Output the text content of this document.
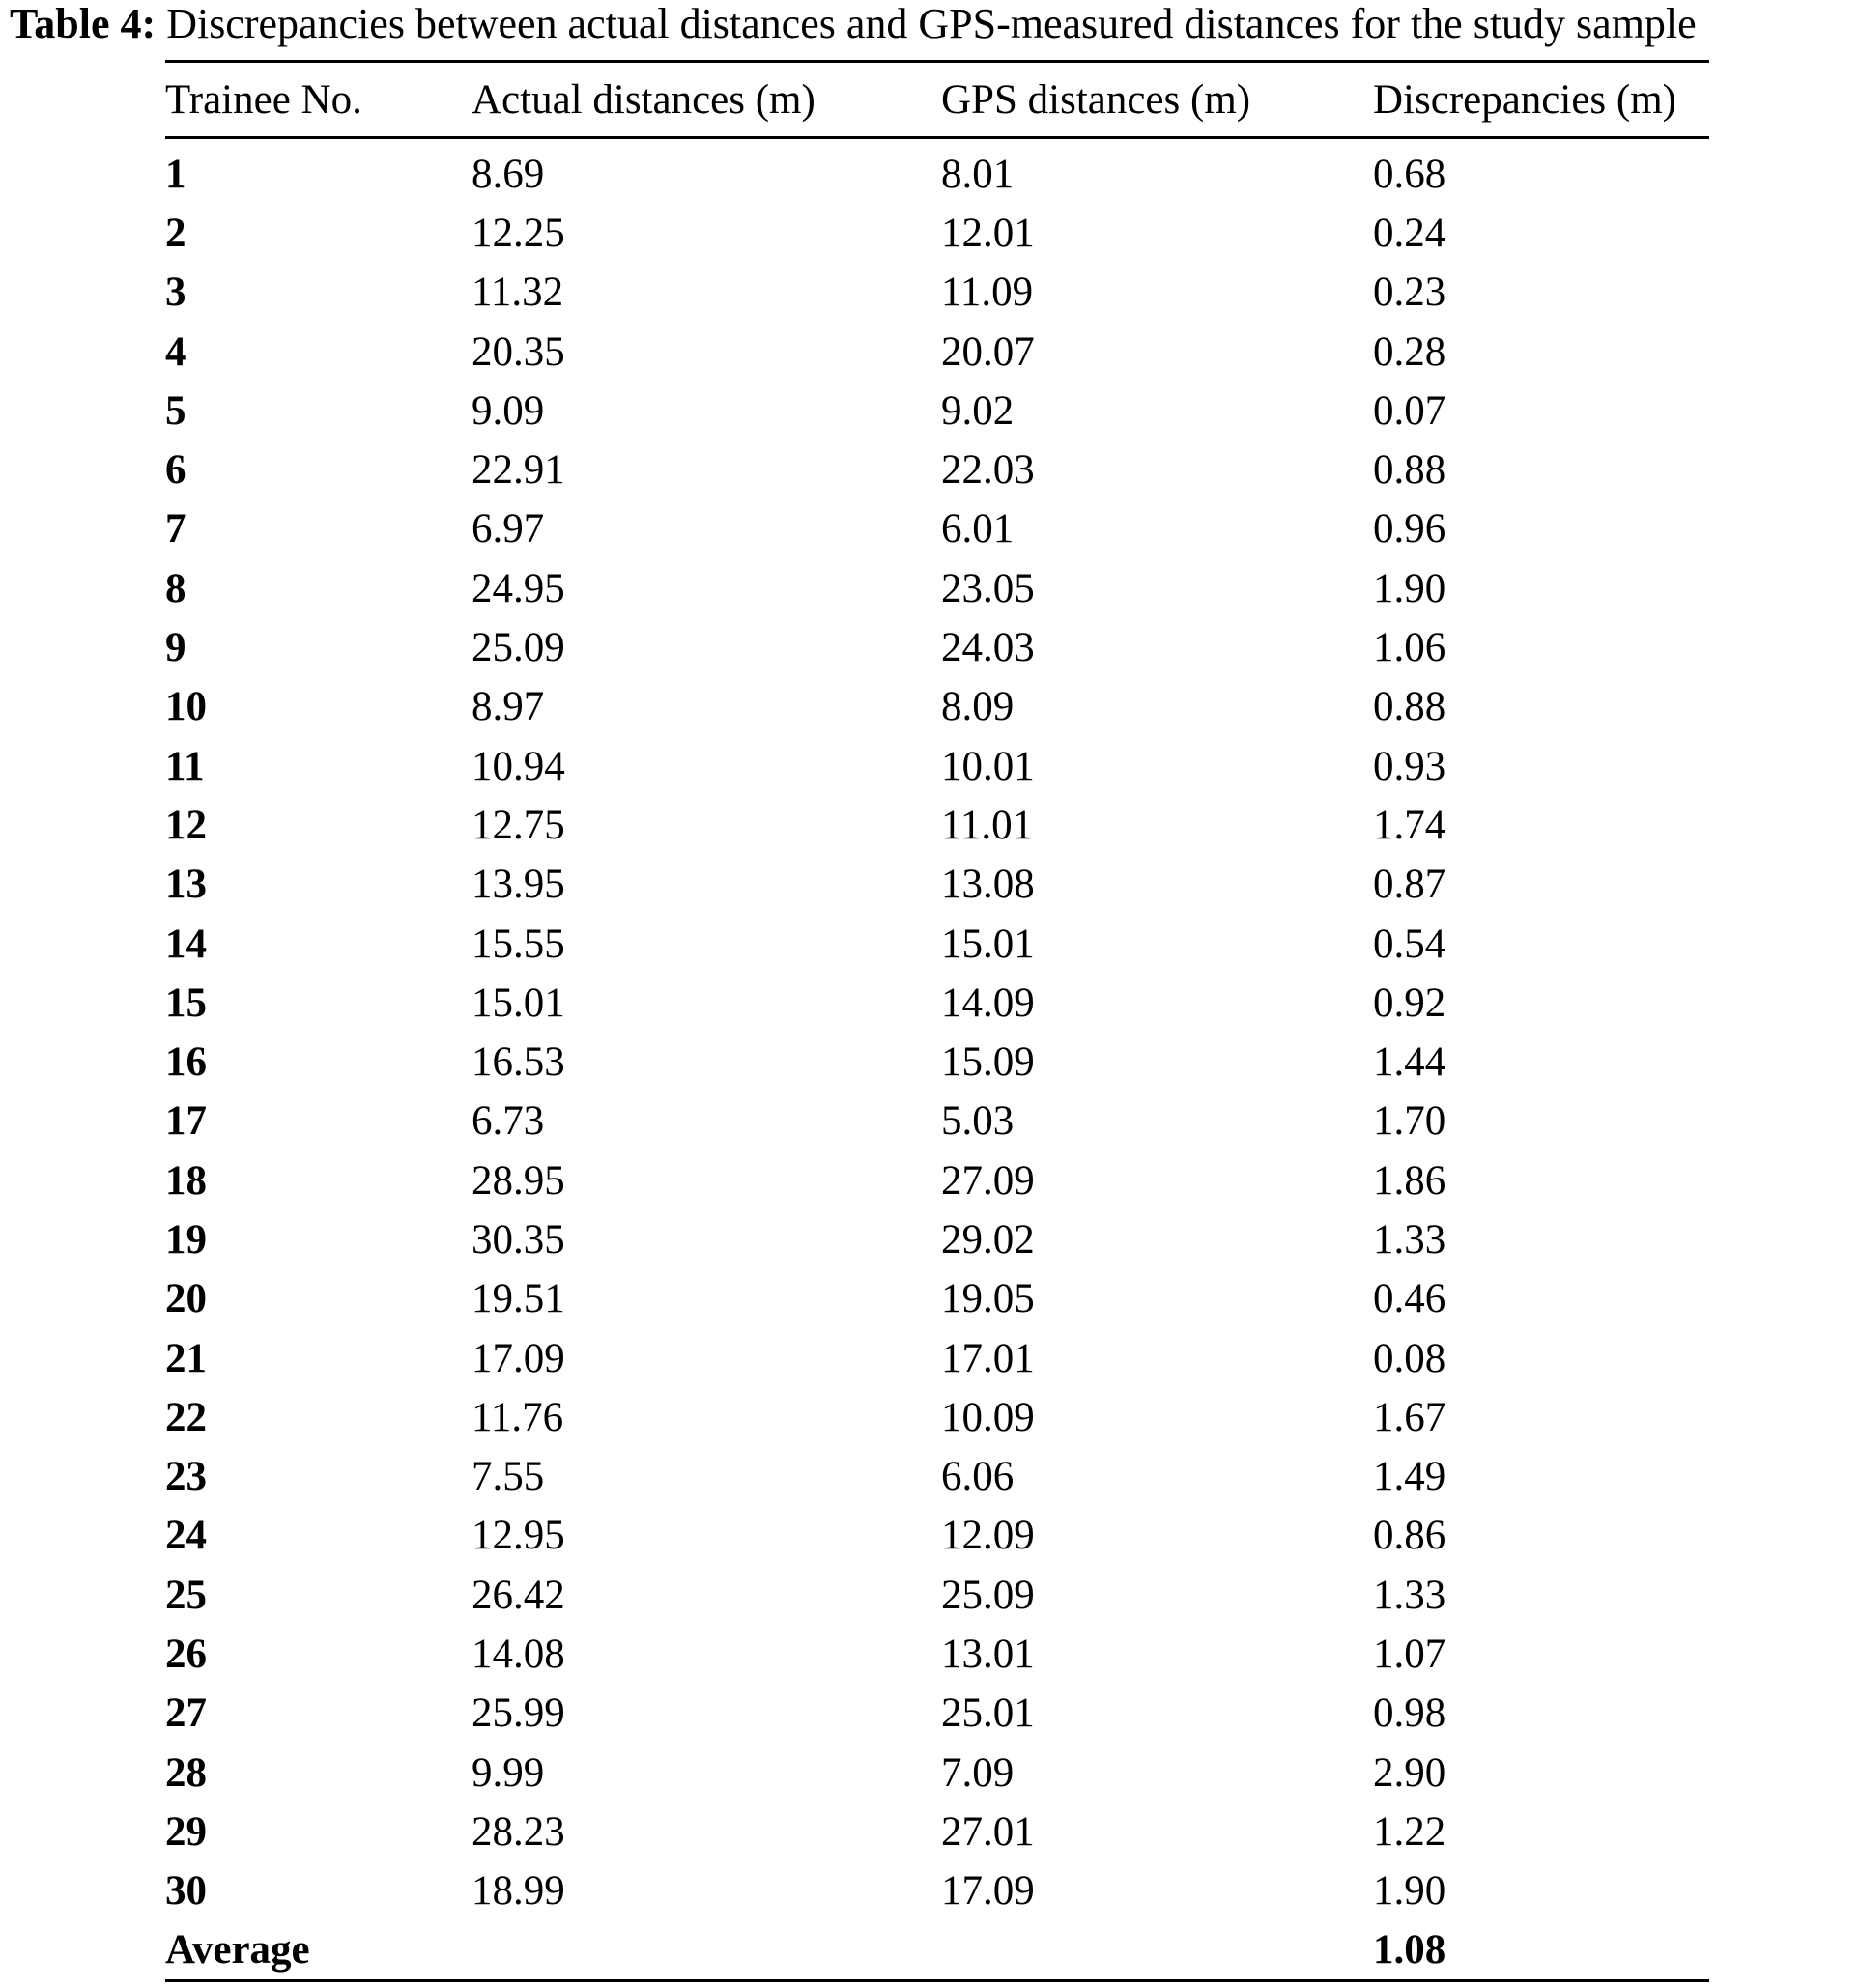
Table 4: Discrepancies between actual distances and GPS-measured distances for the study sample
Trainee No.	Actual distances (m)	GPS distances (m)	Discrepancies (m)
1	8.69	8.01	0.68
2	12.25	12.01	0.24
3	11.32	11.09	0.23
4	20.35	20.07	0.28
5	9.09	9.02	0.07
6	22.91	22.03	0.88
7	6.97	6.01	0.96
8	24.95	23.05	1.90
9	25.09	24.03	1.06
10	8.97	8.09	0.88
11	10.94	10.01	0.93
12	12.75	11.01	1.74
13	13.95	13.08	0.87
14	15.55	15.01	0.54
15	15.01	14.09	0.92
16	16.53	15.09	1.44
17	6.73	5.03	1.70
18	28.95	27.09	1.86
19	30.35	29.02	1.33
20	19.51	19.05	0.46
21	17.09	17.01	0.08
22	11.76	10.09	1.67
23	7.55	6.06	1.49
24	12.95	12.09	0.86
25	26.42	25.09	1.33
26	14.08	13.01	1.07
27	25.99	25.01	0.98
28	9.99	7.09	2.90
29	28.23	27.01	1.22
30	18.99	17.09	1.90
Average			1.08
